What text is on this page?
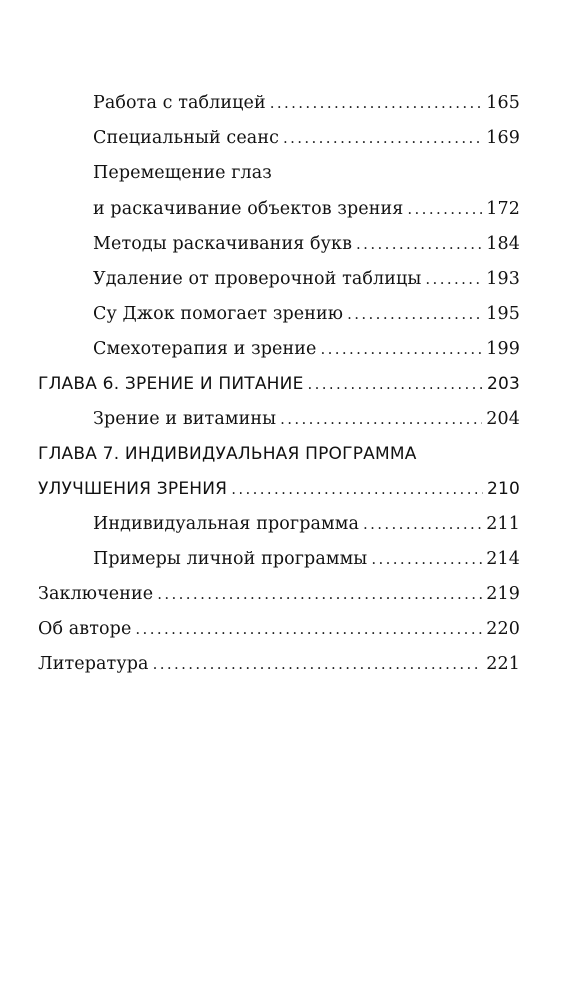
Работа с таблицей . . .	165
Специальный сеанс . . .	169
Перемещение глаз
и раскачивание объектов зрения . . .	172
Методы раскачивания букв . . .	184
Удаление от проверочной таблицы . . .	193
Су Джок помогает зрению . . .	195
Смехотерапия и зрение . . .	199
ГЛАВА 6. ЗРЕНИЕ И ПИТАНИЕ . . .	203
Зрение и витамины . . .	204
ГЛАВА 7. ИНДИВИДУАЛЬНАЯ ПРОГРАММА
УЛУЧШЕНИЯ ЗРЕНИЯ . . .	210
Индивидуальная программа . . .	211
Примеры личной программы . . .	214
Заключение . . .	219
Об авторе . . .	220
Литература . . .	221
